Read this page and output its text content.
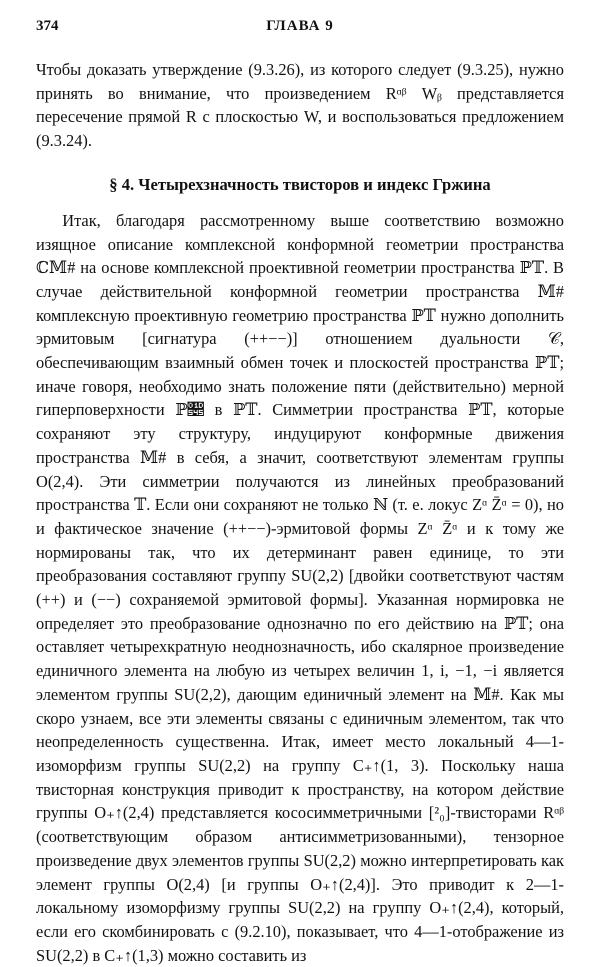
374	ГЛАВА 9

Чтобы доказать утверждение (9.3.26), из которого следует (9.3.25), нужно принять во внимание, что произведением Rᵅᵝ Wᵦ представляется пересечение прямой R с плоскостью W, и воспользоваться предложением (9.3.24).

§ 4. Четырехзначность твисторов и индекс Гржина

Итак, благодаря рассмотренному выше соответствию возможно изящное описание комплексной конформной геометрии пространства ℂ𝕄# на основе комплексной проективной геометрии пространства ℙ𝕋. В случае действительной конформной геометрии пространства 𝕄# комплексную проективную геометрию пространства ℙ𝕋 нужно дополнить эрмитовым [сигнатура (++−−)] отношением дуальности 𝒞, обеспечивающим взаимный обмен точек и плоскостей пространства ℙ𝕋; иначе говоря, необходимо знать положение пяти (действительно) мерной гиперповерхности ℙ𝕅 в ℙ𝕋. Симметрии пространства ℙ𝕋, которые сохраняют эту структуру, индуцируют конформные движения пространства 𝕄# в себя, а значит, соответствуют элементам группы O(2,4). Эти симметрии получаются из линейных преобразований пространства 𝕋. Если они сохраняют не только ℕ (т. е. локус Zᵅ Z̄ᵅ = 0), но и фактическое значение (++−−)-эрмитовой формы Zᵅ Z̄ᵅ и к тому же нормированы так, что их детерминант равен единице, то эти преобразования составляют группу SU(2,2) [двойки соответствуют частям (++) и (−−) сохраняемой эрмитовой формы]. Указанная нормировка не определяет это преобразование однозначно по его действию на ℙ𝕋; она оставляет четырехкратную неоднозначность, ибо скалярное произведение единичного элемента на любую из четырех величин 1, i, −1, −i является элементом группы SU(2,2), дающим единичный элемент на 𝕄#. Как мы скоро узнаем, все эти элементы связаны с единичным элементом, так что неопределенность существенна. Итак, имеет место локальный 4—1-изоморфизм группы SU(2,2) на группу C₊↑(1, 3). Поскольку наша твисторная конструкция приводит к пространству, на котором действие группы O₊↑(2,4) представляется кососимметричными [²₀]-твисторами Rᵅᵝ (соответствующим образом антисимметризованными), тензорное произведение двух элементов группы SU(2,2) можно интерпретировать как элемент группы O(2,4) [и группы O₊↑(2,4)]. Это приводит к 2—1-локальному изоморфизму группы SU(2,2) на группу O₊↑(2,4), который, если его скомбинировать с (9.2.10), показывает, что 4—1-отображение из SU(2,2) в C₊↑(1,3) можно составить из
